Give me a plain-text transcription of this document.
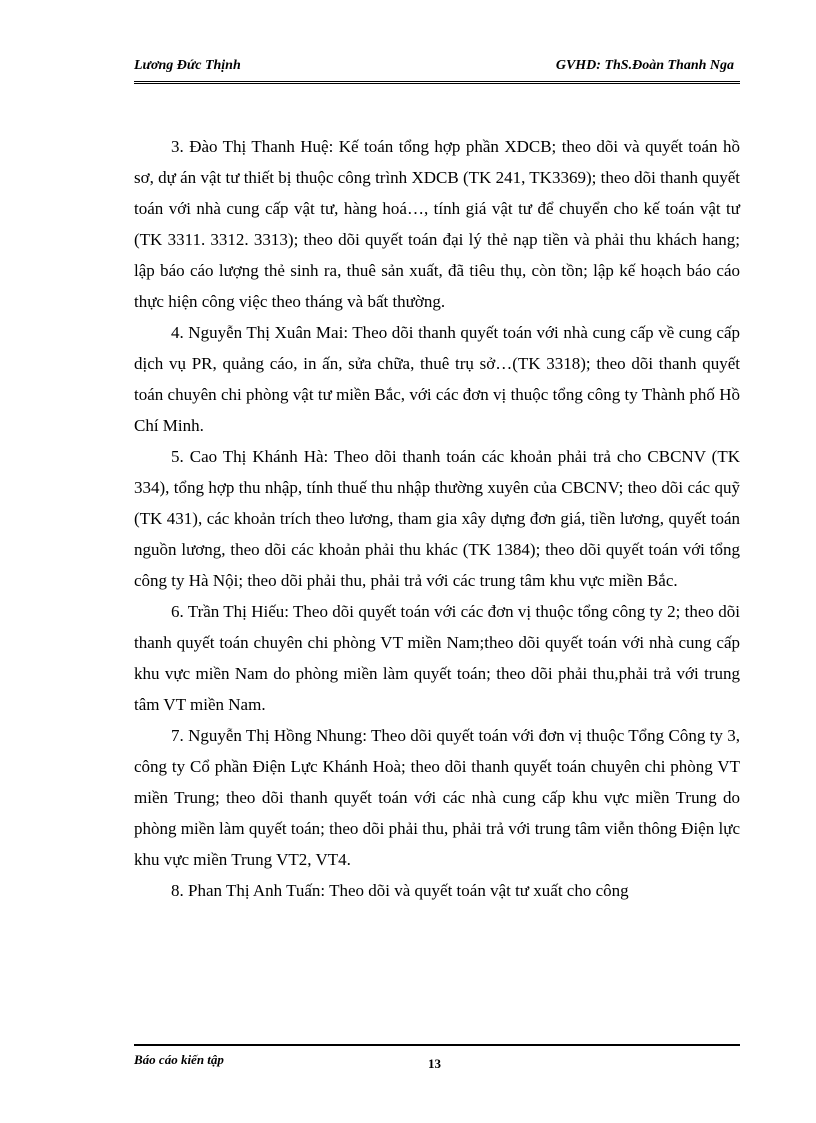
Lương Đức Thịnh	GVHD: ThS.Đoàn Thanh Nga

3. Đào Thị Thanh Huệ: Kế toán tổng hợp phần XDCB; theo dõi và quyết toán hồ sơ, dự án vật tư thiết bị thuộc công trình XDCB (TK 241, TK3369); theo dõi thanh quyết toán với nhà cung cấp vật tư, hàng hoá…, tính giá vật tư để chuyển cho kế toán vật tư (TK 3311. 3312. 3313); theo dõi quyết toán đại lý thẻ nạp tiền và phải thu khách hang; lập báo cáo lượng thẻ sinh ra, thuê sản xuất, đã tiêu thụ, còn tồn; lập kế hoạch báo cáo thực hiện công việc theo tháng và bất thường.

4. Nguyễn Thị Xuân Mai: Theo dõi thanh quyết toán với nhà cung cấp về cung cấp dịch vụ PR, quảng cáo, in ấn, sửa chữa, thuê trụ sở…(TK 3318); theo dõi thanh quyết toán chuyên chi phòng vật tư miền Bắc, với các đơn vị thuộc tổng công ty Thành phố Hồ Chí Minh.

5. Cao Thị Khánh Hà: Theo dõi thanh toán các khoản phải trả cho CBCNV (TK 334), tổng hợp thu nhập, tính thuế thu nhập thường xuyên của CBCNV; theo dõi các quỹ (TK 431), các khoản trích theo lương, tham gia xây dựng đơn giá, tiền lương, quyết toán nguồn lương, theo dõi các khoản phải thu khác (TK 1384); theo dõi quyết toán với tổng công ty Hà Nội; theo dõi phải thu, phải trả với các trung tâm khu vực miền Bắc.

6. Trần Thị Hiếu: Theo dõi quyết toán với các đơn vị thuộc tổng công ty 2; theo dõi thanh quyết toán chuyên chi phòng VT miền Nam;theo dõi quyết toán với nhà cung cấp khu vực miền Nam do phòng miền làm quyết toán; theo dõi phải thu,phải trả với trung tâm VT miền Nam.

7. Nguyễn Thị Hồng Nhung: Theo dõi quyết toán với đơn vị thuộc Tổng Công ty 3, công ty Cổ phần Điện Lực Khánh Hoà; theo dõi thanh quyết toán chuyên chi phòng VT miền Trung; theo dõi thanh quyết toán với các nhà cung cấp khu vực miền Trung do phòng miền làm quyết toán; theo dõi phải thu, phải trả với trung tâm viễn thông Điện lực khu vực miền Trung VT2, VT4.

8. Phan Thị Anh Tuấn: Theo dõi và quyết toán vật tư xuất cho công

Báo cáo kiến tập	13
